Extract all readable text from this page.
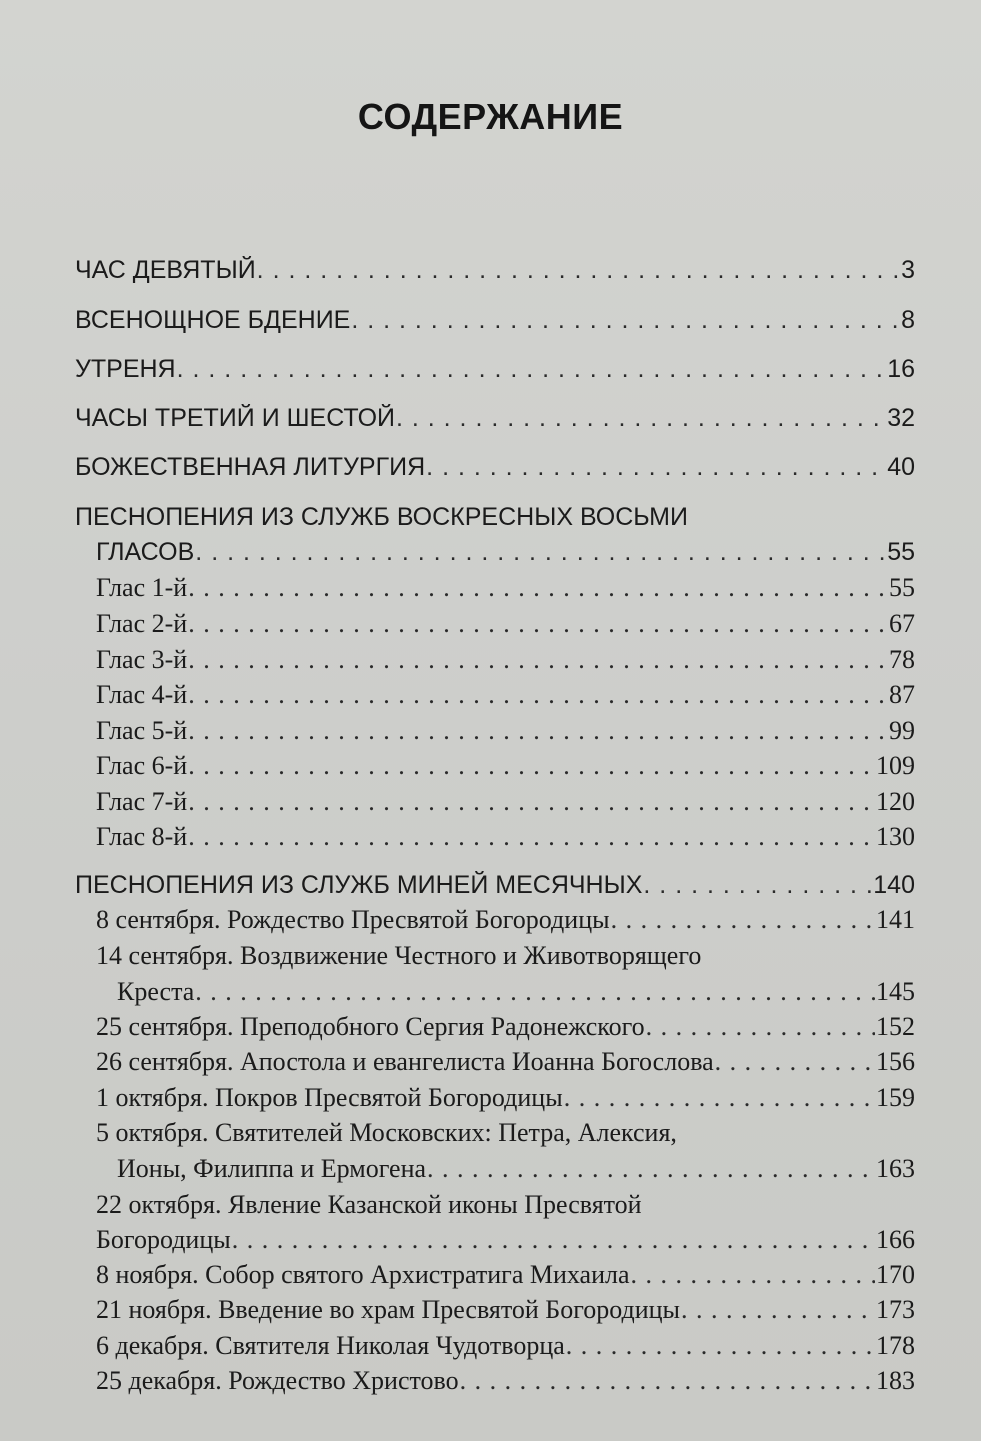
СОДЕРЖАНИЕ
ЧАС ДЕВЯТЫЙ . . .	3
ВСЕНОЩНОЕ БДЕНИЕ . . .	8
УТРЕНЯ . . .	16
ЧАСЫ ТРЕТИЙ И ШЕСТОЙ . . .	32
БОЖЕСТВЕННАЯ ЛИТУРГИЯ . . .	40
ПЕСНОПЕНИЯ ИЗ СЛУЖБ ВОСКРЕСНЫХ ВОСЬМИ
ГЛАСОВ . . .	55
Глас 1-й . . .	55
Глас 2-й . . .	67
Глас 3-й . . .	78
Глас 4-й . . .	87
Глас 5-й . . .	99
Глас 6-й . . .	109
Глас 7-й . . .	120
Глас 8-й . . .	130
ПЕСНОПЕНИЯ ИЗ СЛУЖБ МИНЕЙ МЕСЯЧНЫХ . . .	140
8 сентября. Рождество Пресвятой Богородицы . . .	141
14 сентября. Воздвижение Честного и Животворящего
Креста . . .	145
25 сентября. Преподобного Сергия Радонежского . . .	152
26 сентября. Апостола и евангелиста Иоанна Богослова . . .	156
1 октября. Покров Пресвятой Богородицы . . .	159
5 октября. Святителей Московских: Петра, Алексия,
Ионы, Филиппа и Ермогена . . .	163
22 октября. Явление Казанской иконы Пресвятой
Богородицы . . .	166
8 ноября. Собор святого Архистратига Михаила . . .	170
21 ноября. Введение во храм Пресвятой Богородицы . . .	173
6 декабря. Святителя Николая Чудотворца . . .	178
25 декабря. Рождество Христово . . .	183
